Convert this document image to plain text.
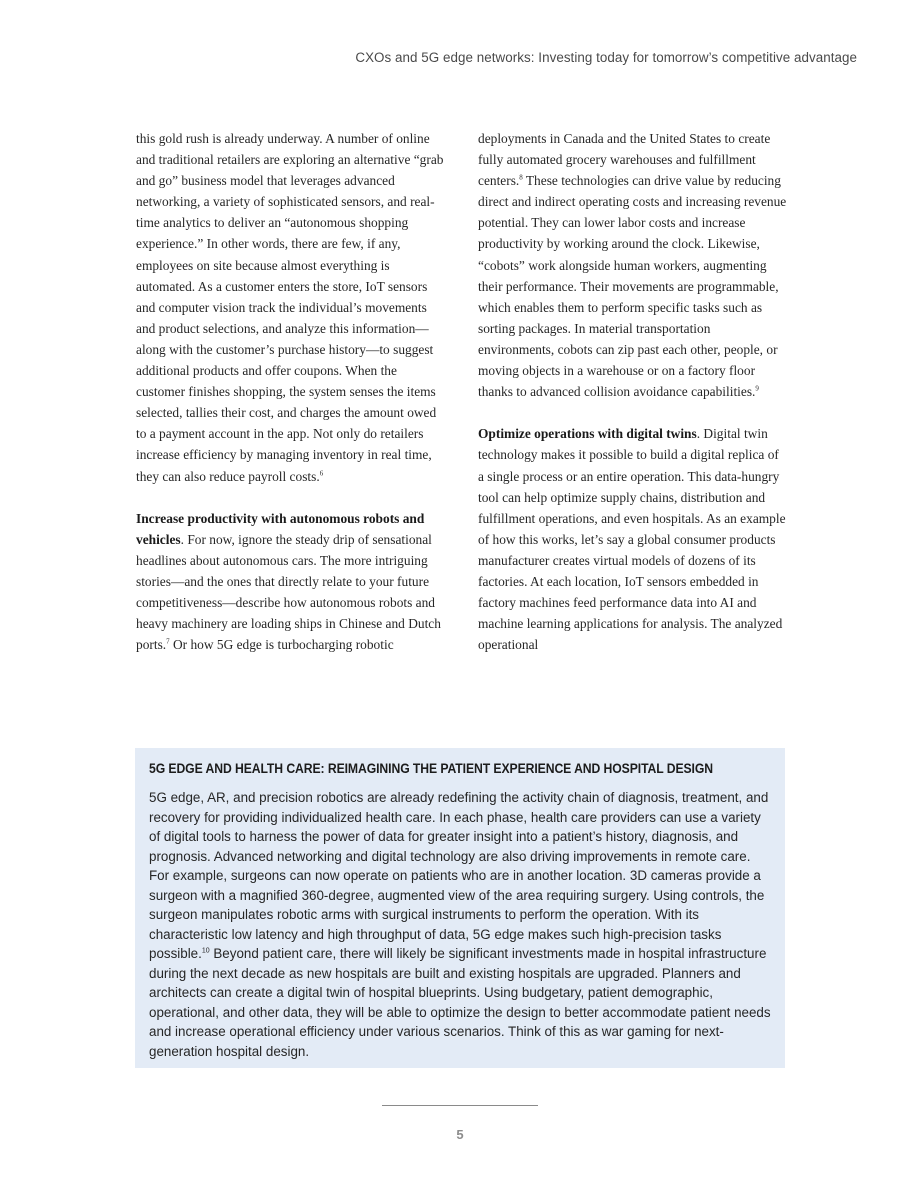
CXOs and 5G edge networks: Investing today for tomorrow’s competitive advantage

this gold rush is already underway. A number of online and traditional retailers are exploring an alternative “grab and go” business model that leverages advanced networking, a variety of sophisticated sensors, and real-time analytics to deliver an “autonomous shopping experience.” In other words, there are few, if any, employees on site because almost everything is automated. As a customer enters the store, IoT sensors and computer vision track the individual’s movements and product selections, and analyze this information—along with the customer’s purchase history—to suggest additional products and offer coupons. When the customer finishes shopping, the system senses the items selected, tallies their cost, and charges the amount owed to a payment account in the app. Not only do retailers increase efficiency by managing inventory in real time, they can also reduce payroll costs.$^6$

Increase productivity with autonomous robots and vehicles. For now, ignore the steady drip of sensational headlines about autonomous cars. The more intriguing stories—and the ones that directly relate to your future competitiveness—describe how autonomous robots and heavy machinery are loading ships in Chinese and Dutch ports.$^7$ Or how 5G edge is turbocharging robotic

deployments in Canada and the United States to create fully automated grocery warehouses and fulfillment centers.$^8$ These technologies can drive value by reducing direct and indirect operating costs and increasing revenue potential. They can lower labor costs and increase productivity by working around the clock. Likewise, “cobots” work alongside human workers, augmenting their performance. Their movements are programmable, which enables them to perform specific tasks such as sorting packages. In material transportation environments, cobots can zip past each other, people, or moving objects in a warehouse or on a factory floor thanks to advanced collision avoidance capabilities.$^9$

Optimize operations with digital twins. Digital twin technology makes it possible to build a digital replica of a single process or an entire operation. This data-hungry tool can help optimize supply chains, distribution and fulfillment operations, and even hospitals. As an example of how this works, let’s say a global consumer products manufacturer creates virtual models of dozens of its factories. At each location, IoT sensors embedded in factory machines feed performance data into AI and machine learning applications for analysis. The analyzed operational

5G EDGE AND HEALTH CARE: REIMAGINING THE PATIENT EXPERIENCE AND HOSPITAL DESIGN
5G edge, AR, and precision robotics are already redefining the activity chain of diagnosis, treatment, and recovery for providing individualized health care. In each phase, health care providers can use a variety of digital tools to harness the power of data for greater insight into a patient’s history, diagnosis, and prognosis. Advanced networking and digital technology are also driving improvements in remote care. For example, surgeons can now operate on patients who are in another location. 3D cameras provide a surgeon with a magnified 360-degree, augmented view of the area requiring surgery. Using controls, the surgeon manipulates robotic arms with surgical instruments to perform the operation. With its characteristic low latency and high throughput of data, 5G edge makes such high-precision tasks possible.$^{10}$ Beyond patient care, there will likely be significant investments made in hospital infrastructure during the next decade as new hospitals are built and existing hospitals are upgraded. Planners and architects can create a digital twin of hospital blueprints. Using budgetary, patient demographic, operational, and other data, they will be able to optimize the design to better accommodate patient needs and increase operational efficiency under various scenarios. Think of this as war gaming for next-generation hospital design.
5
